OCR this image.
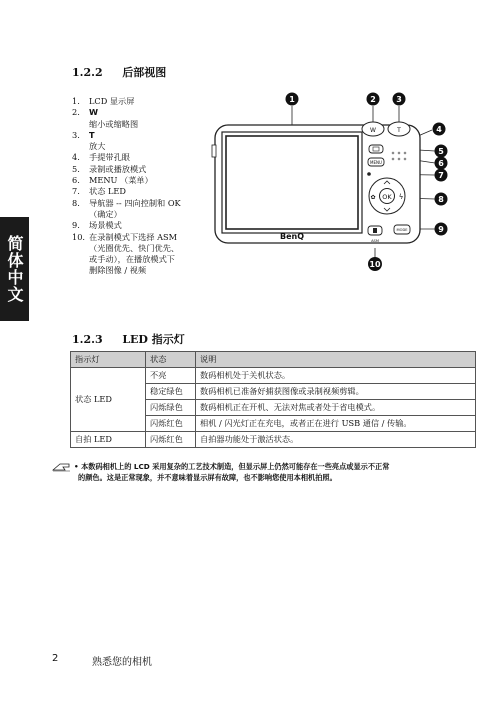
1.2.2 后部视图
1.	LCD 显示屏
2.	W
缩小或缩略图
3.	T
放大
4.	手提带孔眼
5.	录制或播放模式
6.	MENU （菜单）
7.	状态 LED
8.	导航器 -- 四向控制和 OK
（确定）
9.	场景模式
10. 在录制模式下选择 ASM
（光圈优先、快门优先、
或手动），在播放模式下
删除图像 / 视频
BenQ
W	T
MENU
OK
✿	ϟ
ASM
MODE
1	2	3
4
5
6
7
8
9
10
简体中文
1.2.3 LED 指示灯
指示灯	状态	说明
状态 LED	不亮	数码相机处于关机状态。
	稳定绿色	数码相机已准备好捕获图像或录制视频剪辑。
	闪烁绿色	数码相机正在开机、无法对焦或者处于省电模式。
	闪烁红色	相机 / 闪光灯正在充电，或者正在进行 USB 通信 / 传输。
自拍 LED	闪烁红色	自拍器功能处于激活状态。
• 本数码相机上的 LCD 采用复杂的工艺技术制造，但显示屏上仍然可能存在一些亮点或显示不正常
的颜色。这是正常现象，并不意味着显示屏有故障，也不影响您使用本相机拍照。
2	熟悉您的相机
